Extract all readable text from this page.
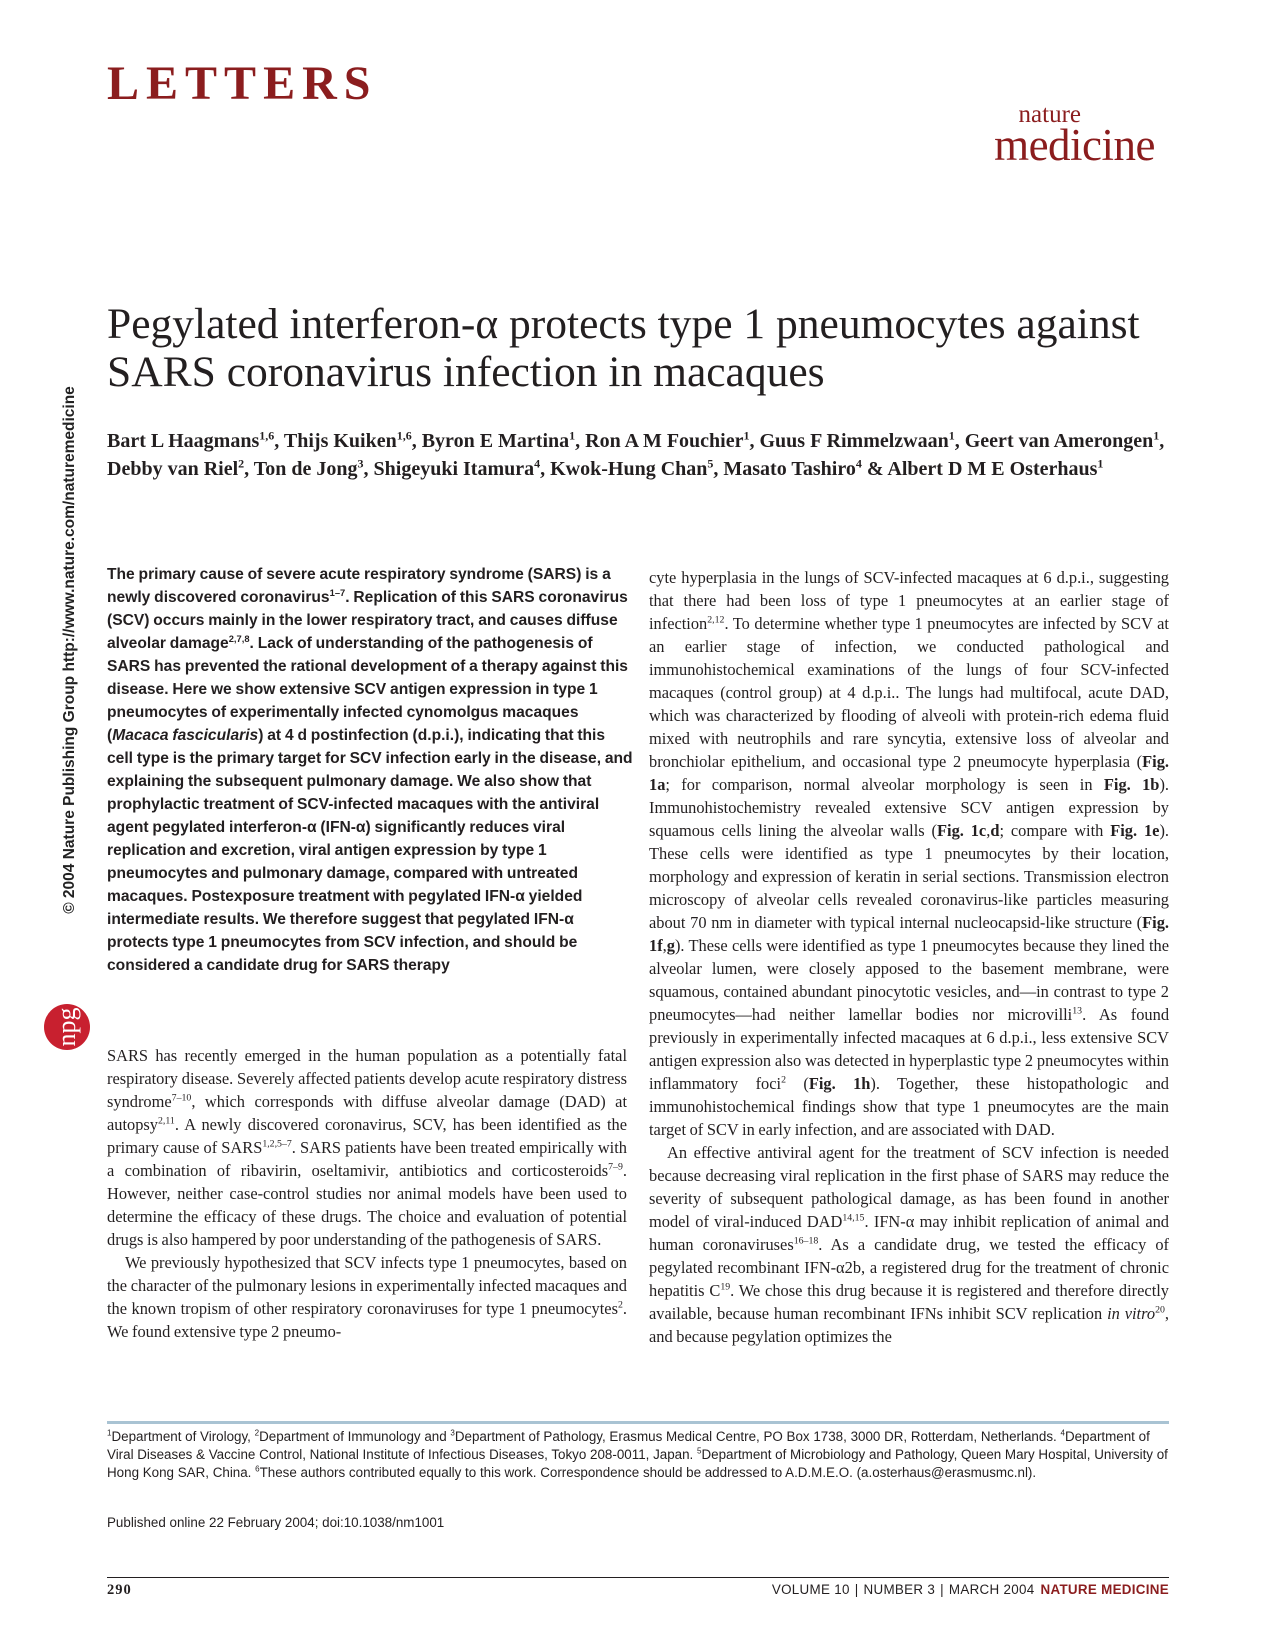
LETTERS
nature
medicine
© 2004 Nature Publishing Group http://www.nature.com/naturemedicine
npg
Pegylated interferon-α protects type 1 pneumocytes against SARS coronavirus infection in macaques

Bart L Haagmans$^{1,6}$, Thijs Kuiken$^{1,6}$, Byron E Martina$^1$, Ron A M Fouchier$^1$, Guus F Rimmelzwaan$^1$, Geert van Amerongen$^1$, Debby van Riel$^2$, Ton de Jong$^3$, Shigeyuki Itamura$^4$, Kwok-Hung Chan$^5$, Masato Tashiro$^4$ & Albert D M E Osterhaus$^1$

The primary cause of severe acute respiratory syndrome (SARS) is a newly discovered coronavirus$^{1-7}$. Replication of this SARS coronavirus (SCV) occurs mainly in the lower respiratory tract, and causes diffuse alveolar damage$^{2,7,8}$. Lack of understanding of the pathogenesis of SARS has prevented the rational development of a therapy against this disease. Here we show extensive SCV antigen expression in type 1 pneumocytes of experimentally infected cynomolgus macaques (Macaca fascicularis) at 4 d postinfection (d.p.i.), indicating that this cell type is the primary target for SCV infection early in the disease, and explaining the subsequent pulmonary damage. We also show that prophylactic treatment of SCV-infected macaques with the antiviral agent pegylated interferon-α (IFN-α) significantly reduces viral replication and excretion, viral antigen expression by type 1 pneumocytes and pulmonary damage, compared with untreated macaques. Postexposure treatment with pegylated IFN-α yielded intermediate results. We therefore suggest that pegylated IFN-α protects type 1 pneumocytes from SCV infection, and should be considered a candidate drug for SARS therapy

SARS has recently emerged in the human population as a potentially fatal respiratory disease. Severely affected patients develop acute respiratory distress syndrome$^{7-10}$, which corresponds with diffuse alveolar damage (DAD) at autopsy$^{2,11}$. A newly discovered coronavirus, SCV, has been identified as the primary cause of SARS$^{1,2,5-7}$. SARS patients have been treated empirically with a combination of ribavirin, oseltamivir, antibiotics and corticosteroids$^{7-9}$. However, neither case-control studies nor animal models have been used to determine the efficacy of these drugs. The choice and evaluation of potential drugs is also hampered by poor understanding of the pathogenesis of SARS.

We previously hypothesized that SCV infects type 1 pneumocytes, based on the character of the pulmonary lesions in experimentally infected macaques and the known tropism of other respiratory coronaviruses for type 1 pneumocytes$^2$. We found extensive type 2 pneumo-

cyte hyperplasia in the lungs of SCV-infected macaques at 6 d.p.i., suggesting that there had been loss of type 1 pneumocytes at an earlier stage of infection$^{2,12}$. To determine whether type 1 pneumocytes are infected by SCV at an earlier stage of infection, we conducted pathological and immunohistochemical examinations of the lungs of four SCV-infected macaques (control group) at 4 d.p.i.. The lungs had multifocal, acute DAD, which was characterized by flooding of alveoli with protein-rich edema fluid mixed with neutrophils and rare syncytia, extensive loss of alveolar and bronchiolar epithelium, and occasional type 2 pneumocyte hyperplasia (Fig. 1a; for comparison, normal alveolar morphology is seen in Fig. 1b). Immunohistochemistry revealed extensive SCV antigen expression by squamous cells lining the alveolar walls (Fig. 1c,d; compare with Fig. 1e). These cells were identified as type 1 pneumocytes by their location, morphology and expression of keratin in serial sections. Transmission electron microscopy of alveolar cells revealed coronavirus-like particles measuring about 70 nm in diameter with typical internal nucleocapsid-like structure (Fig. 1f,g). These cells were identified as type 1 pneumocytes because they lined the alveolar lumen, were closely apposed to the basement membrane, were squamous, contained abundant pinocytotic vesicles, and—in contrast to type 2 pneumocytes—had neither lamellar bodies nor microvilli$^{13}$. As found previously in experimentally infected macaques at 6 d.p.i., less extensive SCV antigen expression also was detected in hyperplastic type 2 pneumocytes within inflammatory foci$^2$ (Fig. 1h). Together, these histopathologic and immunohistochemical findings show that type 1 pneumocytes are the main target of SCV in early infection, and are associated with DAD.

An effective antiviral agent for the treatment of SCV infection is needed because decreasing viral replication in the first phase of SARS may reduce the severity of subsequent pathological damage, as has been found in another model of viral-induced DAD$^{14,15}$. IFN-α may inhibit replication of animal and human coronaviruses$^{16-18}$. As a candidate drug, we tested the efficacy of pegylated recombinant IFN-α2b, a registered drug for the treatment of chronic hepatitis $C^{19}$. We chose this drug because it is registered and therefore directly available, because human recombinant IFNs inhibit SCV replication in vitro$^{20}$, and because pegylation optimizes the

$^1$Department of Virology, $^2$Department of Immunology and $^3$Department of Pathology, Erasmus Medical Centre, PO Box 1738, 3000 DR, Rotterdam, Netherlands. $^4$Department of Viral Diseases & Vaccine Control, National Institute of Infectious Diseases, Tokyo 208-0011, Japan. $^5$Department of Microbiology and Pathology, Queen Mary Hospital, University of Hong Kong SAR, China. $^6$These authors contributed equally to this work. Correspondence should be addressed to A.D.M.E.O. (a.osterhaus@erasmusmc.nl).

Published online 22 February 2004; doi:10.1038/nm1001

290	VOLUME 10 | NUMBER 3 | MARCH 2004 NATURE MEDICINE
